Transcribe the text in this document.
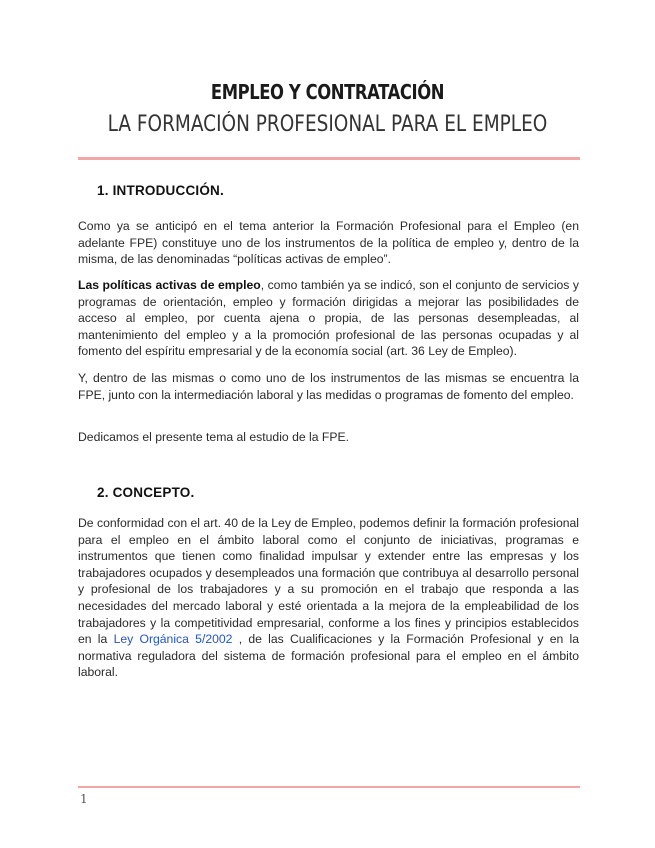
EMPLEO Y CONTRATACIÓN
LA FORMACIÓN PROFESIONAL PARA EL EMPLEO
1. INTRODUCCIÓN.

Como ya se anticipó en el tema anterior la Formación Profesional para el Empleo (en adelante FPE) constituye uno de los instrumentos de la política de empleo y, dentro de la misma, de las denominadas “políticas activas de empleo”.

Las políticas activas de empleo, como también ya se indicó, son el conjunto de servicios y programas de orientación, empleo y formación dirigidas a mejorar las posibilidades de acceso al empleo, por cuenta ajena o propia, de las personas desempleadas, al mantenimiento del empleo y a la promoción profesional de las personas ocupadas y al fomento del espíritu empresarial y de la economía social (art. 36 Ley de Empleo).

Y, dentro de las mismas o como uno de los instrumentos de las mismas se encuentra la FPE, junto con la intermediación laboral y las medidas o programas de fomento del empleo.

Dedicamos el presente tema al estudio de la FPE.

2. CONCEPTO.

De conformidad con el art. 40 de la Ley de Empleo, podemos definir la formación profesional para el empleo en el ámbito laboral como el conjunto de iniciativas, programas e instrumentos que tienen como finalidad impulsar y extender entre las empresas y los trabajadores ocupados y desempleados una formación que contribuya al desarrollo personal y profesional de los trabajadores y a su promoción en el trabajo que responda a las necesidades del mercado laboral y esté orientada a la mejora de la empleabilidad de los trabajadores y la competitividad empresarial, conforme a los fines y principios establecidos en la Ley Orgánica 5/2002 , de las Cualificaciones y la Formación Profesional y en la normativa reguladora del sistema de formación profesional para el empleo en el ámbito laboral.

1
